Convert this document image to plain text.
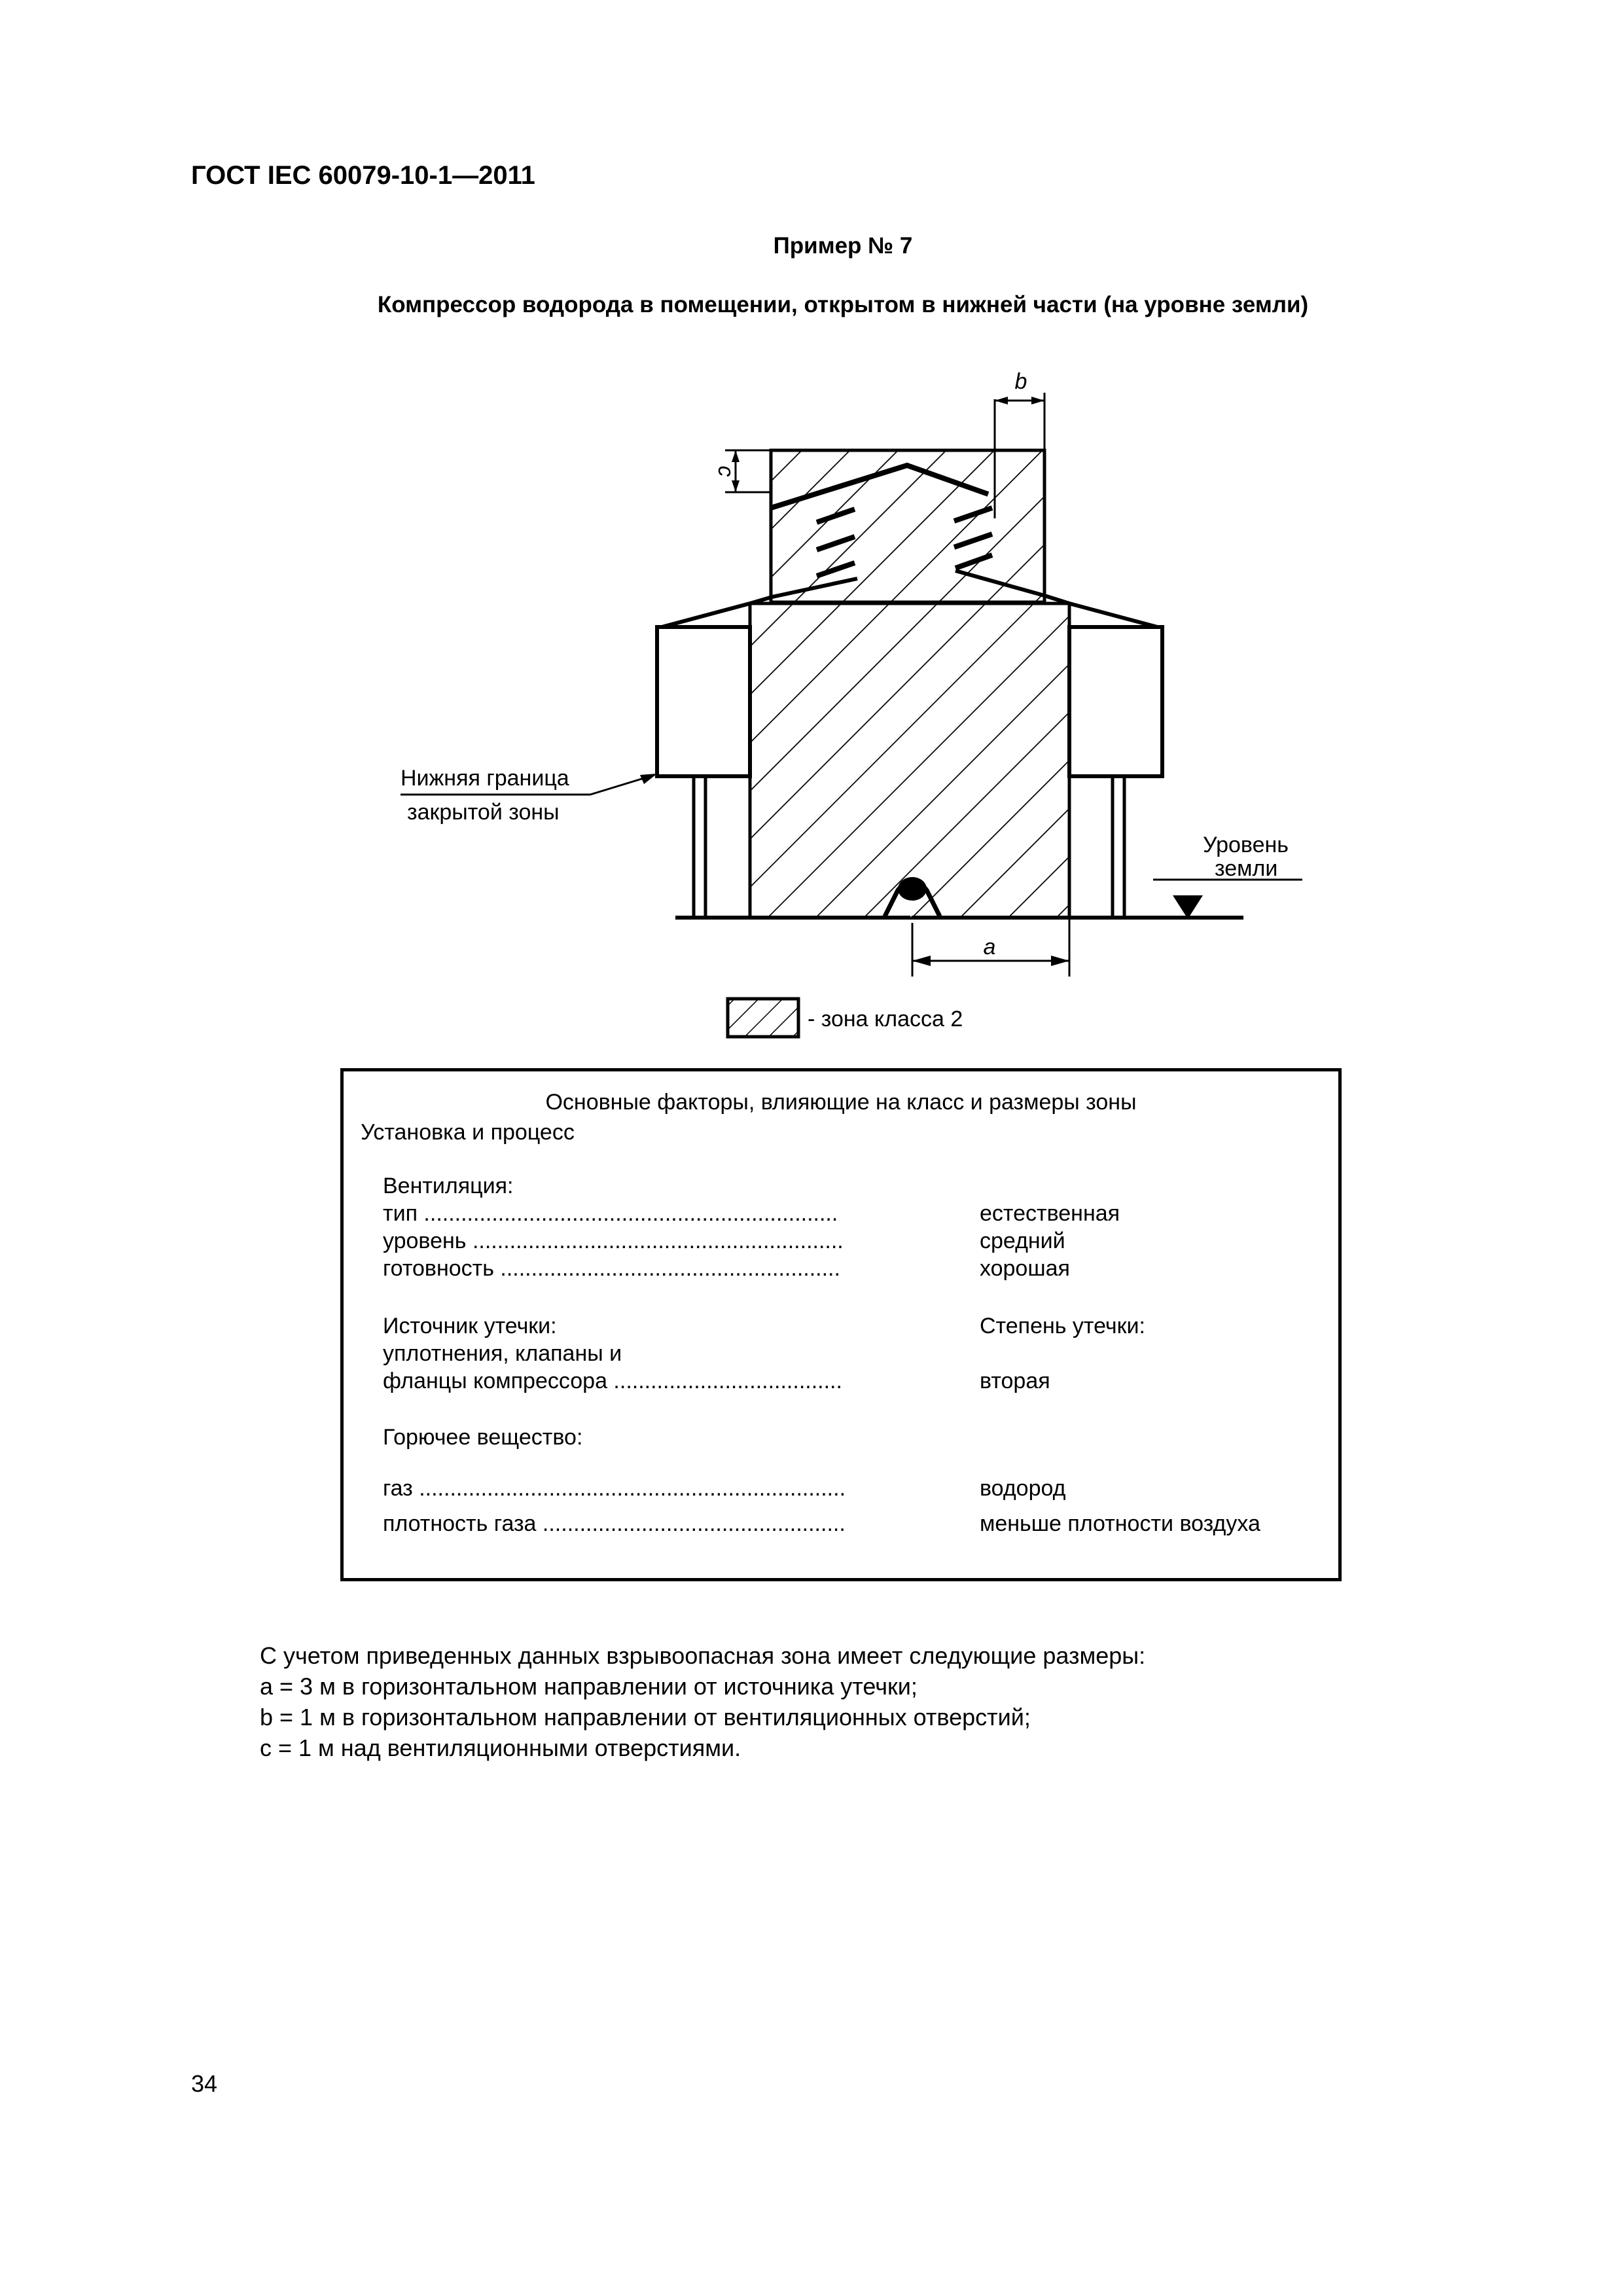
ГОСТ IEC 60079-10-1—2011
Пример № 7
Компрессор водорода в помещении, открытом в нижней части (на уровне земли)
a
b
c
Нижняя граница
закрытой зоны
Уровень
земли
- зона класса 2
Основные факторы, влияющие на класс и размеры зоны
Установка и процесс
Вентиляция:
тип ...................................................................	естественная
уровень ............................................................	средний
готовность .......................................................	хорошая
Источник утечки:	Степень утечки:
уплотнения, клапаны и
фланцы компрессора .....................................	вторая
Горючее вещество:
газ .....................................................................	водород
плотность газа .................................................	меньше плотности воздуха
С учетом приведенных данных взрывоопасная зона имеет следующие размеры:
a = 3 м в горизонтальном направлении от источника утечки;
b = 1 м в горизонтальном направлении от вентиляционных отверстий;
c = 1 м над вентиляционными отверстиями.
34
